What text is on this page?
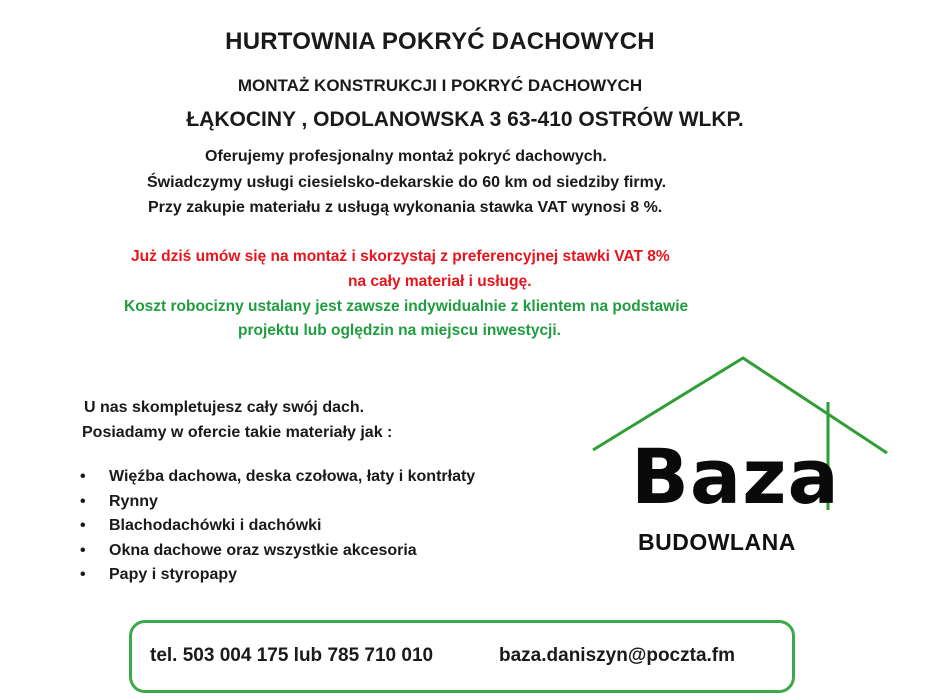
HURTOWNIA POKRYĆ DACHOWYCH
MONTAŻ KONSTRUKCJI I POKRYĆ DACHOWYCH
ŁĄKOCINY , ODOLANOWSKA 3 63-410 OSTRÓW WLKP.
Oferujemy profesjonalny montaż pokryć dachowych.
Świadczymy usługi ciesielsko-dekarskie do 60 km od siedziby firmy.
Przy zakupie materiału z usługą wykonania stawka VAT wynosi 8 %.
Już dziś umów się na montaż i skorzystaj z preferencyjnej stawki VAT 8%
na cały materiał i usługę.
Koszt robocizny ustalany jest zawsze indywidualnie z klientem na podstawie
projektu lub oględzin na miejscu inwestycji.
U nas skompletujesz cały swój dach.
Posiadamy w ofercie takie materiały jak :
• Więźba dachowa, deska czołowa, łaty i kontrłaty
• Rynny
• Blachodachówki i dachówki
• Okna dachowe oraz wszystkie akcesoria
• Papy i styropapy
Baza
BUDOWLANA
tel. 503 004 175 lub 785 710 010	baza.daniszyn@poczta.fm
